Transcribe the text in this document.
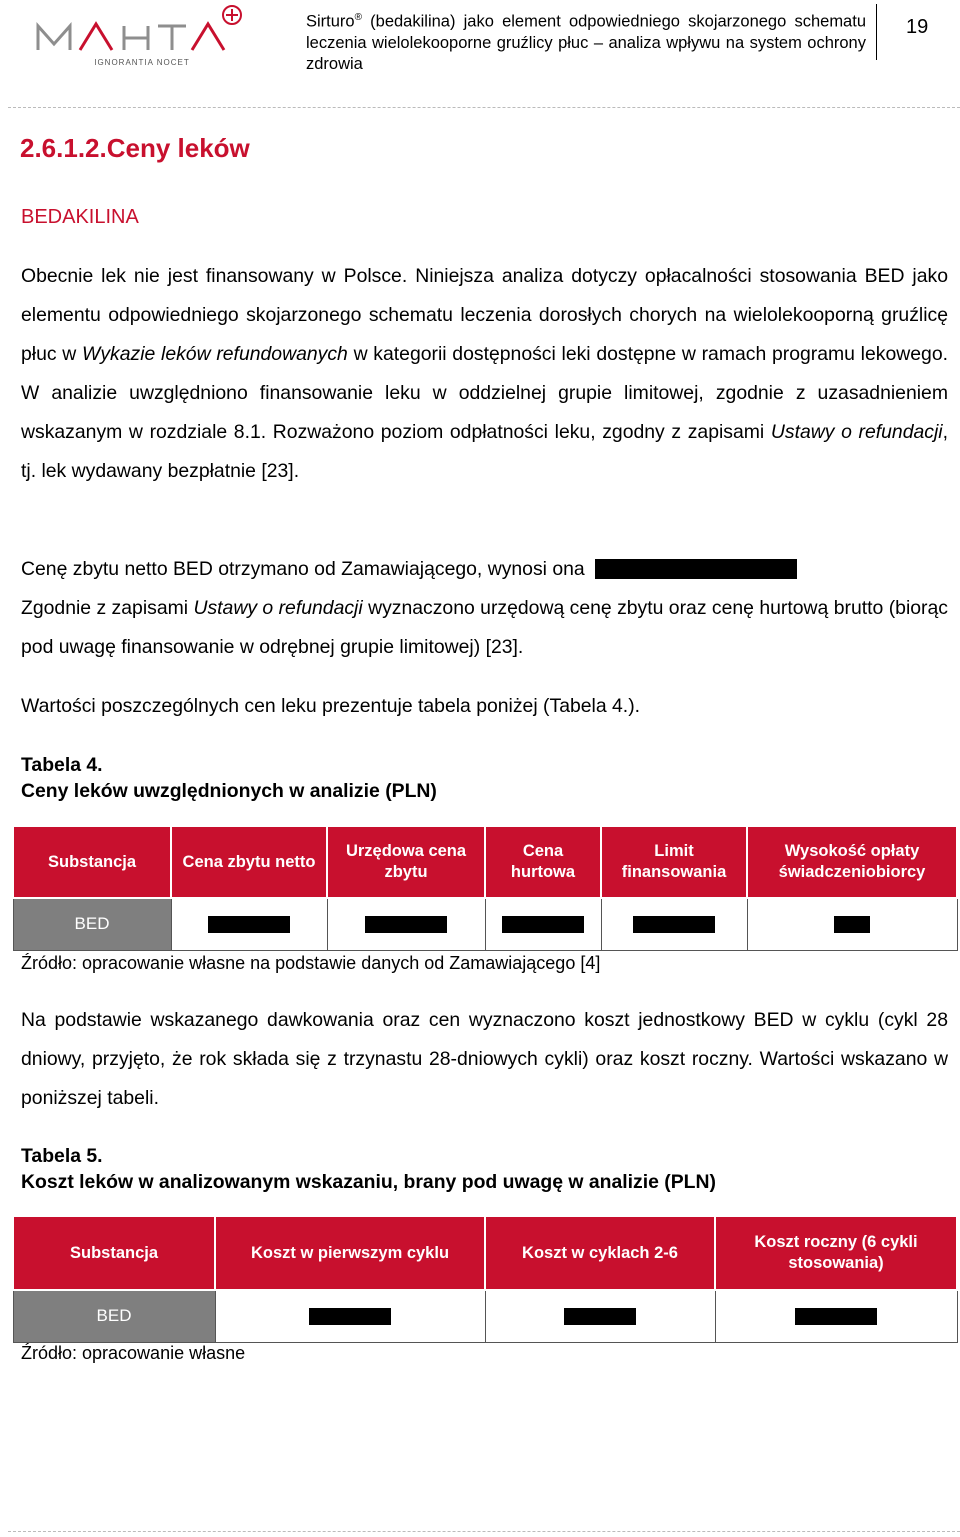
IGNORANTIA NOCET
Sirturo® (bedakilina) jako element odpowiedniego skojarzonego schematu leczenia wielolekooporne gruźlicy płuc – analiza wpływu na system ochrony zdrowia
19
2.6.1.2.Ceny leków
BEDAKILINA

Obecnie lek nie jest finansowany w Polsce. Niniejsza analiza dotyczy opłacalności stosowania BED jako elementu odpowiedniego skojarzonego schematu leczenia dorosłych chorych na wielolekooporną gruźlicę płuc w Wykazie leków refundowanych w kategorii dostępności leki dostępne w ramach programu lekowego. W analizie uwzględniono finansowanie leku w oddzielnej grupie limitowej, zgodnie z uzasadnieniem wskazanym w rozdziale 8.1. Rozważono poziom odpłatności leku, zgodny z zapisami Ustawy o refundacji, tj. lek wydawany bezpłatnie [23].

Cenę zbytu netto BED otrzymano od Zamawiającego, wynosi ona
Zgodnie z zapisami Ustawy o refundacji wyznaczono urzędową cenę zbytu oraz cenę hurtową brutto (biorąc pod uwagę finansowanie w odrębnej grupie limitowej) [23].

Wartości poszczególnych cen leku prezentuje tabela poniżej (Tabela 4.).

Tabela 4.
Ceny leków uwzględnionych w analizie (PLN)
Substancja	Cena zbytu netto	Urzędowa cena zbytu	Cena hurtowa	Limit finansowania	Wysokość opłaty świadczeniobiorcy
BED					
Źródło: opracowanie własne na podstawie danych od Zamawiającego [4]

Na podstawie wskazanego dawkowania oraz cen wyznaczono koszt jednostkowy BED w cyklu (cykl 28 dniowy, przyjęto, że rok składa się z trzynastu 28-dniowych cykli) oraz koszt roczny. Wartości wskazano w poniższej tabeli.

Tabela 5.
Koszt leków w analizowanym wskazaniu, brany pod uwagę w analizie (PLN)
Substancja	Koszt w pierwszym cyklu	Koszt w cyklach 2-6	Koszt roczny (6 cykli stosowania)
BED			
Źródło: opracowanie własne
